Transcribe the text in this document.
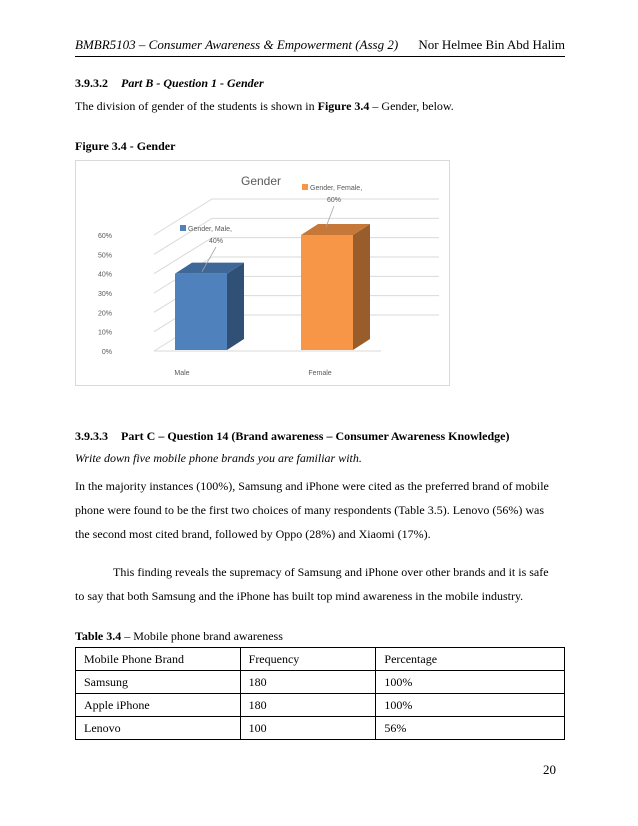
BMBR5103 – Consumer Awareness & Empowerment (Assg 2) Nor Helmee Bin Abd Halim
3.9.3.2 Part B - Question 1 - Gender
The division of gender of the students is shown in Figure 3.4 – Gender, below.
Figure 3.4 - Gender
Gender
0%
10%
20%
30%
40%
50%
60%
Male	Female
Gender, Male,
40%
Gender, Female,
60%
3.9.3.3 Part C – Question 14 (Brand awareness – Consumer Awareness Knowledge)
Write down five mobile phone brands you are familiar with.
In the majority instances (100%), Samsung and iPhone were cited as the preferred brand of mobile
phone were found to be the first two choices of many respondents (Table 3.5). Lenovo (56%) was
the second most cited brand, followed by Oppo (28%) and Xiaomi (17%).
This finding reveals the supremacy of Samsung and iPhone over other brands and it is safe
to say that both Samsung and the iPhone has built top mind awareness in the mobile industry.
Table 3.4 – Mobile phone brand awareness
Mobile Phone Brand	Frequency	Percentage
Samsung	180	100%
Apple iPhone	180	100%
Lenovo	100	56%
20
